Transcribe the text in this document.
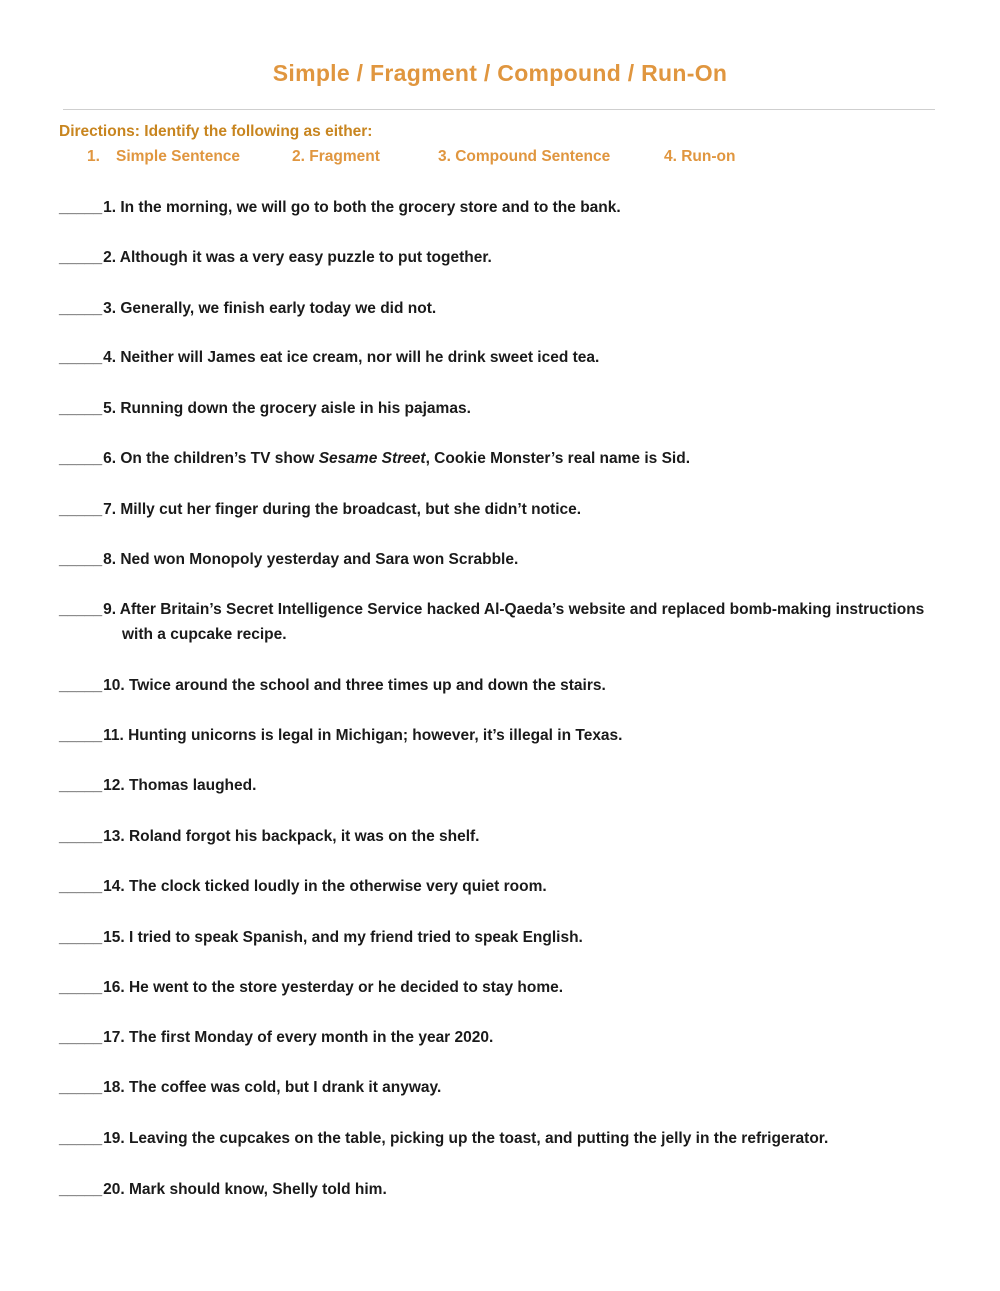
Simple / Fragment / Compound / Run-On
Directions: Identify the following as either:
1. Simple Sentence	2. Fragment	3. Compound Sentence	4. Run-on
_____1. In the morning, we will go to both the grocery store and to the bank.
_____2. Although it was a very easy puzzle to put together.
_____3. Generally, we finish early today we did not.
_____4. Neither will James eat ice cream, nor will he drink sweet iced tea.
_____5. Running down the grocery aisle in his pajamas.
_____6. On the children’s TV show Sesame Street, Cookie Monster’s real name is Sid.
_____7. Milly cut her finger during the broadcast, but she didn’t notice.
_____8. Ned won Monopoly yesterday and Sara won Scrabble.
_____9. After Britain’s Secret Intelligence Service hacked Al-Qaeda’s website and replaced bomb-making instructions
with a cupcake recipe.
_____10. Twice around the school and three times up and down the stairs.
_____11. Hunting unicorns is legal in Michigan; however, it’s illegal in Texas.
_____12. Thomas laughed.
_____13. Roland forgot his backpack, it was on the shelf.
_____14. The clock ticked loudly in the otherwise very quiet room.
_____15. I tried to speak Spanish, and my friend tried to speak English.
_____16. He went to the store yesterday or he decided to stay home.
_____17. The first Monday of every month in the year 2020.
_____18. The coffee was cold, but I drank it anyway.
_____19. Leaving the cupcakes on the table, picking up the toast, and putting the jelly in the refrigerator.
_____20. Mark should know, Shelly told him.
